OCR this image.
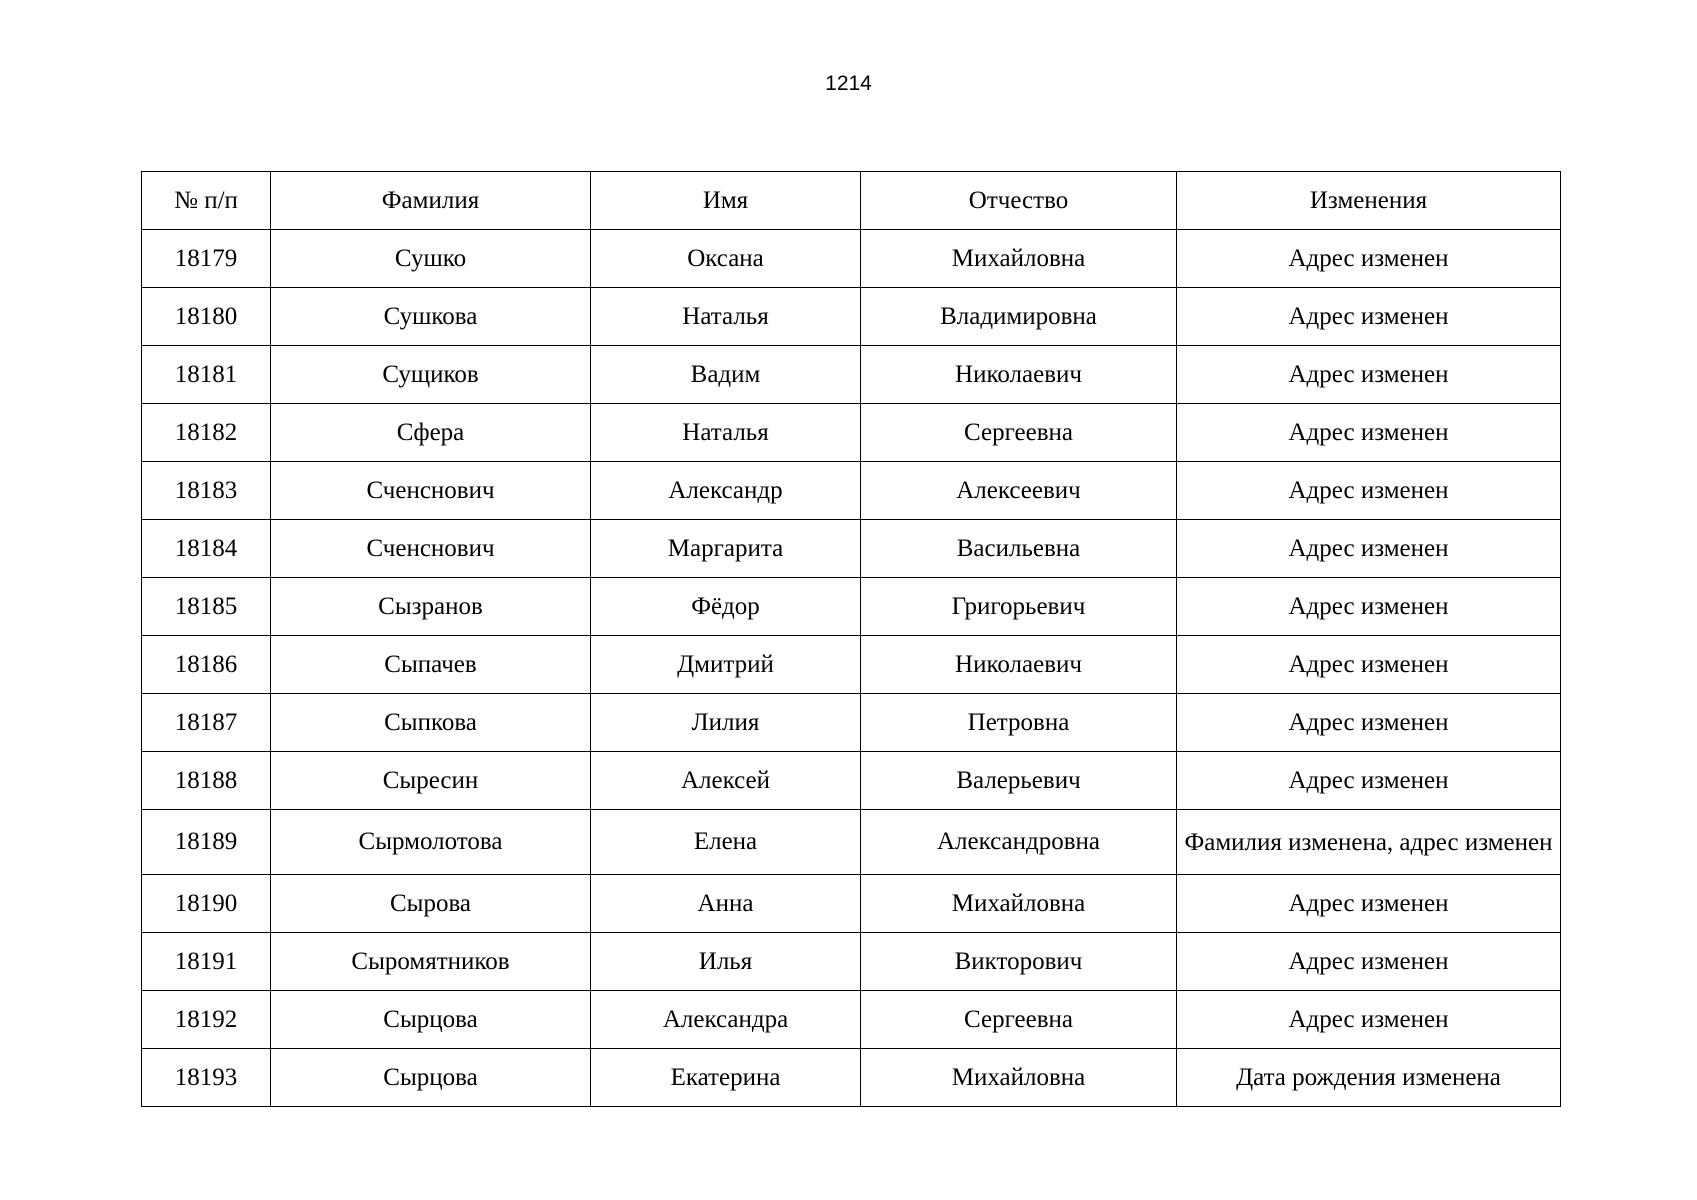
1214
№ п/п	Фамилия	Имя	Отчество	Изменения
18179	Сушко	Оксана	Михайловна	Адрес изменен
18180	Сушкова	Наталья	Владимировна	Адрес изменен
18181	Сущиков	Вадим	Николаевич	Адрес изменен
18182	Сфера	Наталья	Сергеевна	Адрес изменен
18183	Сченснович	Александр	Алексеевич	Адрес изменен
18184	Сченснович	Маргарита	Васильевна	Адрес изменен
18185	Сызранов	Фёдор	Григорьевич	Адрес изменен
18186	Сыпачев	Дмитрий	Николаевич	Адрес изменен
18187	Сыпкова	Лилия	Петровна	Адрес изменен
18188	Сыресин	Алексей	Валерьевич	Адрес изменен
18189	Сырмолотова	Елена	Александровна	Фамилия изменена, адрес изменен
18190	Сырова	Анна	Михайловна	Адрес изменен
18191	Сыромятников	Илья	Викторович	Адрес изменен
18192	Сырцова	Александра	Сергеевна	Адрес изменен
18193	Сырцова	Екатерина	Михайловна	Дата рождения изменена
